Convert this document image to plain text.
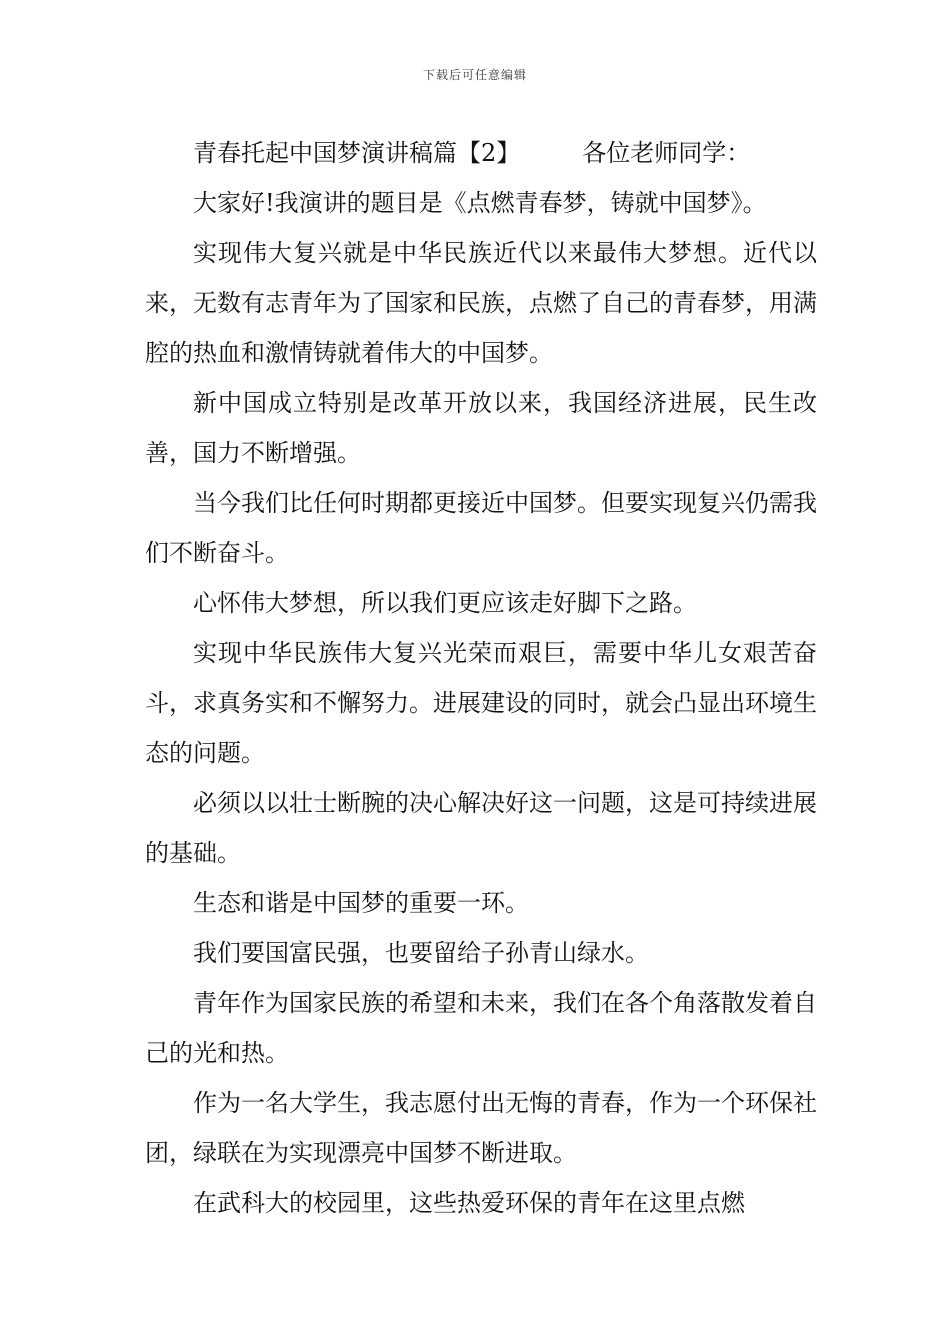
下载后可任意编辑

青春托起中国梦演讲稿篇【2】	各位老师同学：

大家好!我演讲的题目是《点燃青春梦，铸就中国梦》。

实现伟大复兴就是中华民族近代以来最伟大梦想。近代以来，无数有志青年为了国家和民族，点燃了自己的青春梦，用满腔的热血和激情铸就着伟大的中国梦。

新中国成立特别是改革开放以来，我国经济进展，民生改善，国力不断增强。

当今我们比任何时期都更接近中国梦。但要实现复兴仍需我们不断奋斗。

心怀伟大梦想，所以我们更应该走好脚下之路。

实现中华民族伟大复兴光荣而艰巨，需要中华儿女艰苦奋斗，求真务实和不懈努力。进展建设的同时，就会凸显出环境生态的问题。

必须以以壮士断腕的决心解决好这一问题，这是可持续进展的基础。

生态和谐是中国梦的重要一环。

我们要国富民强，也要留给子孙青山绿水。

青年作为国家民族的希望和未来，我们在各个角落散发着自己的光和热。

作为一名大学生，我志愿付出无悔的青春，作为一个环保社团，绿联在为实现漂亮中国梦不断进取。

在武科大的校园里，这些热爱环保的青年在这里点燃
